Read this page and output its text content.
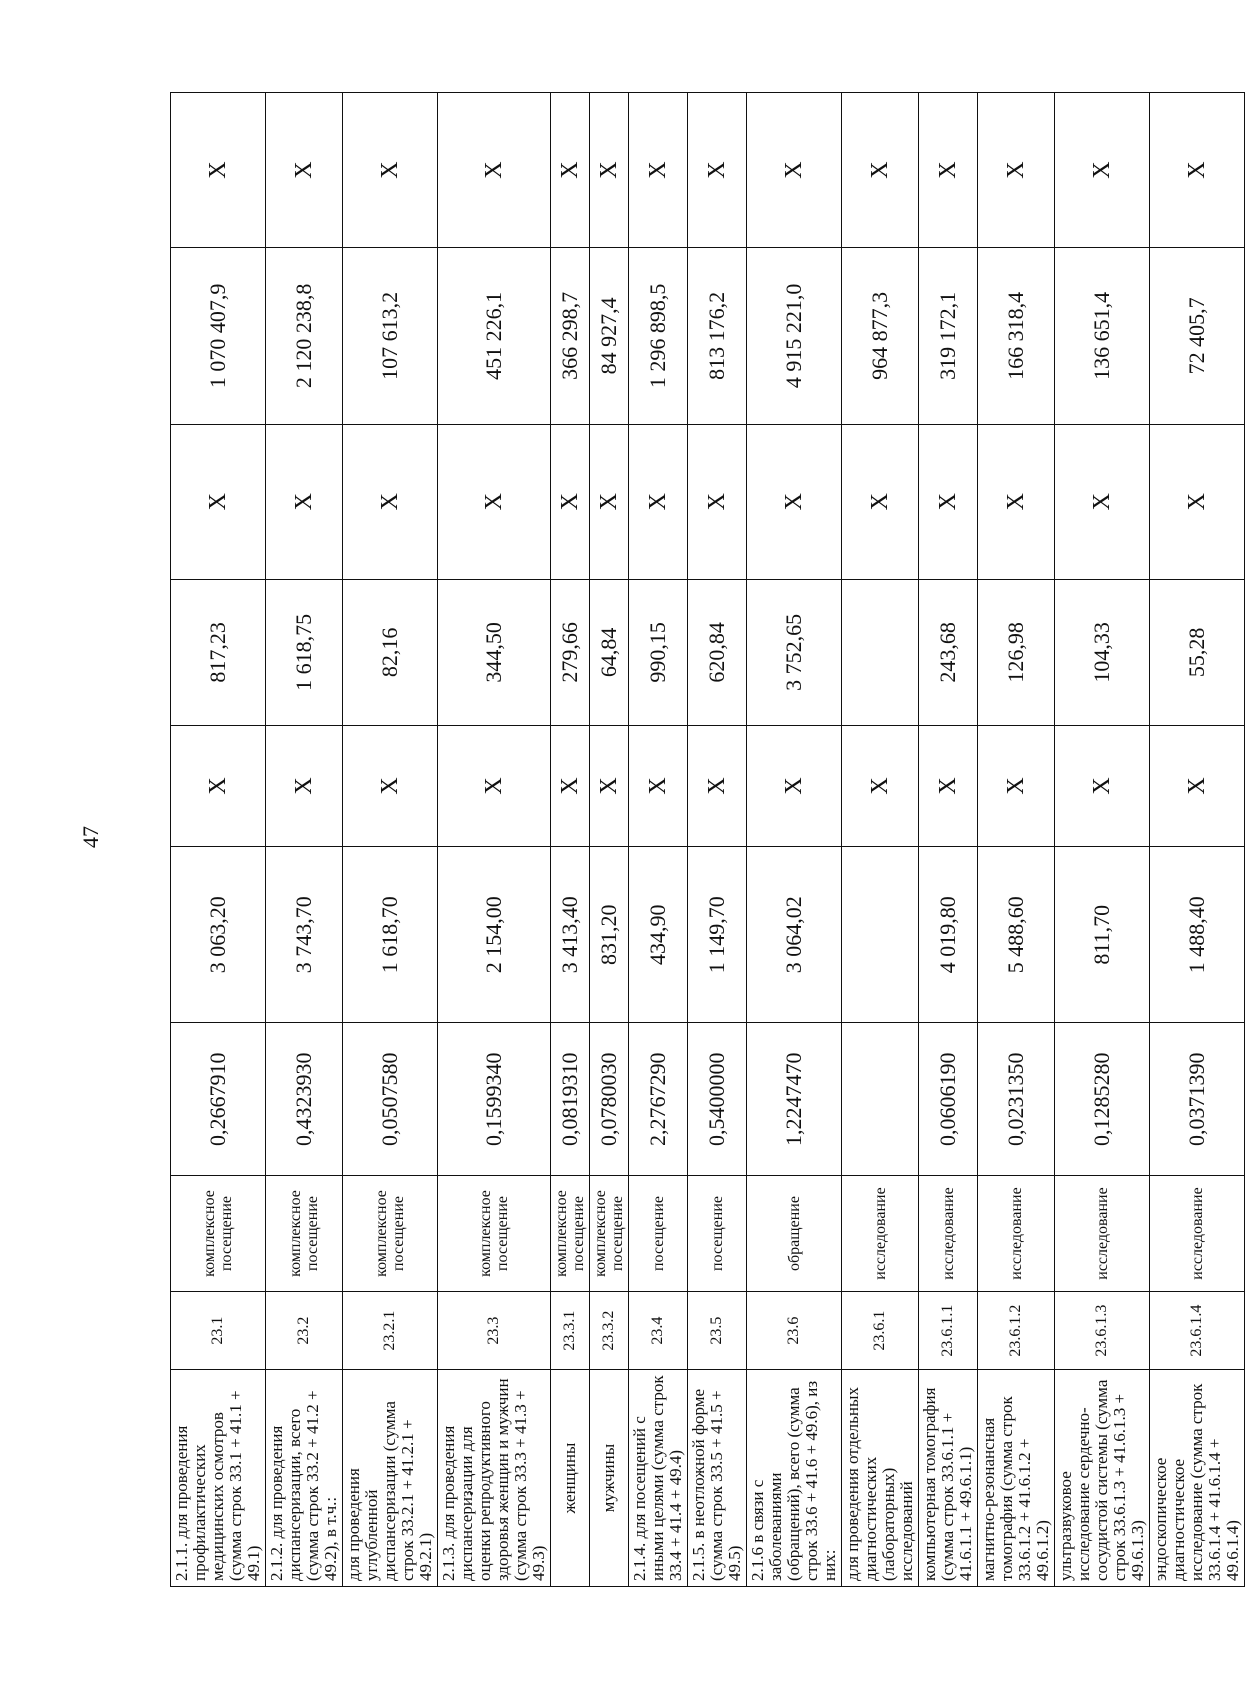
47
2.1.1. для проведения профилактических медицинских осмотров (сумма строк 33.1 + 41.1 + 49.1)	23.1	комплексное посещение	0,2667910	3 063,20	X	817,23	X	1 070 407,9	X
2.1.2. для проведения диспансеризации, всего (сумма строк 33.2 + 41.2 + 49.2), в т.ч.:	23.2	комплексное посещение	0,4323930	3 743,70	X	1 618,75	X	2 120 238,8	X
для проведения углубленной диспансеризации (сумма строк 33.2.1 + 41.2.1 + 49.2.1)	23.2.1	комплексное посещение	0,0507580	1 618,70	X	82,16	X	107 613,2	X
2.1.3. для проведения диспансеризации для оценки репродуктивного здоровья женщин и мужчин (сумма строк 33.3 + 41.3 + 49.3)	23.3	комплексное посещение	0,1599340	2 154,00	X	344,50	X	451 226,1	X
женщины	23.3.1	комплексное посещение	0,0819310	3 413,40	X	279,66	X	366 298,7	X
мужчины	23.3.2	комплексное посещение	0,0780030	831,20	X	64,84	X	84 927,4	X
2.1.4. для посещений с иными целями (сумма строк 33.4 + 41.4 + 49.4)	23.4	посещение	2,2767290	434,90	X	990,15	X	1 296 898,5	X
2.1.5. в неотложной форме (сумма строк 33.5 + 41.5 + 49.5)	23.5	посещение	0,5400000	1 149,70	X	620,84	X	813 176,2	X
2.1.6 в связи с заболеваниями (обращений), всего (сумма строк 33.6 + 41.6 + 49.6), из них:	23.6	обращение	1,2247470	3 064,02	X	3 752,65	X	4 915 221,0	X
для проведения отдельных диагностических (лабораторных) исследований	23.6.1	исследование			X		X	964 877,3	X
компьютерная томография (сумма строк 33.6.1.1 + 41.6.1.1 + 49.6.1.1)	23.6.1.1	исследование	0,0606190	4 019,80	X	243,68	X	319 172,1	X
магнитно-резонансная томография (сумма строк 33.6.1.2 + 41.6.1.2 + 49.6.1.2)	23.6.1.2	исследование	0,0231350	5 488,60	X	126,98	X	166 318,4	X
ультразвуковое исследование сердечно-сосудистой системы (сумма строк 33.6.1.3 + 41.6.1.3 + 49.6.1.3)	23.6.1.3	исследование	0,1285280	811,70	X	104,33	X	136 651,4	X
эндоскопическое диагностическое исследование (сумма строк 33.6.1.4 + 41.6.1.4 + 49.6.1.4)	23.6.1.4	исследование	0,0371390	1 488,40	X	55,28	X	72 405,7	X
